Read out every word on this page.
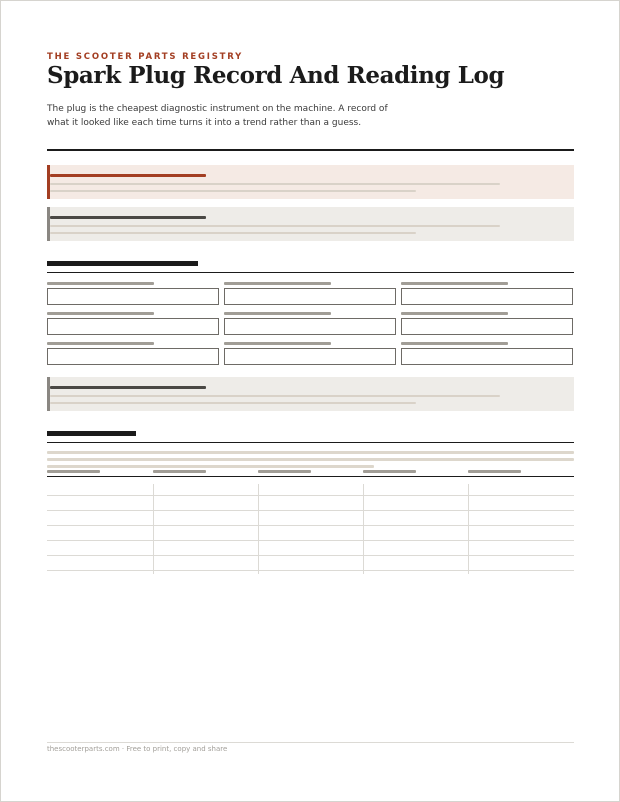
THE SCOOTER PARTS REGISTRY
Spark Plug Record And Reading Log
The plug is the cheapest diagnostic instrument on the machine. A record of what it looked like each time turns it into a trend rather than a guess.
thescooterparts.com · Free to print, copy and share
